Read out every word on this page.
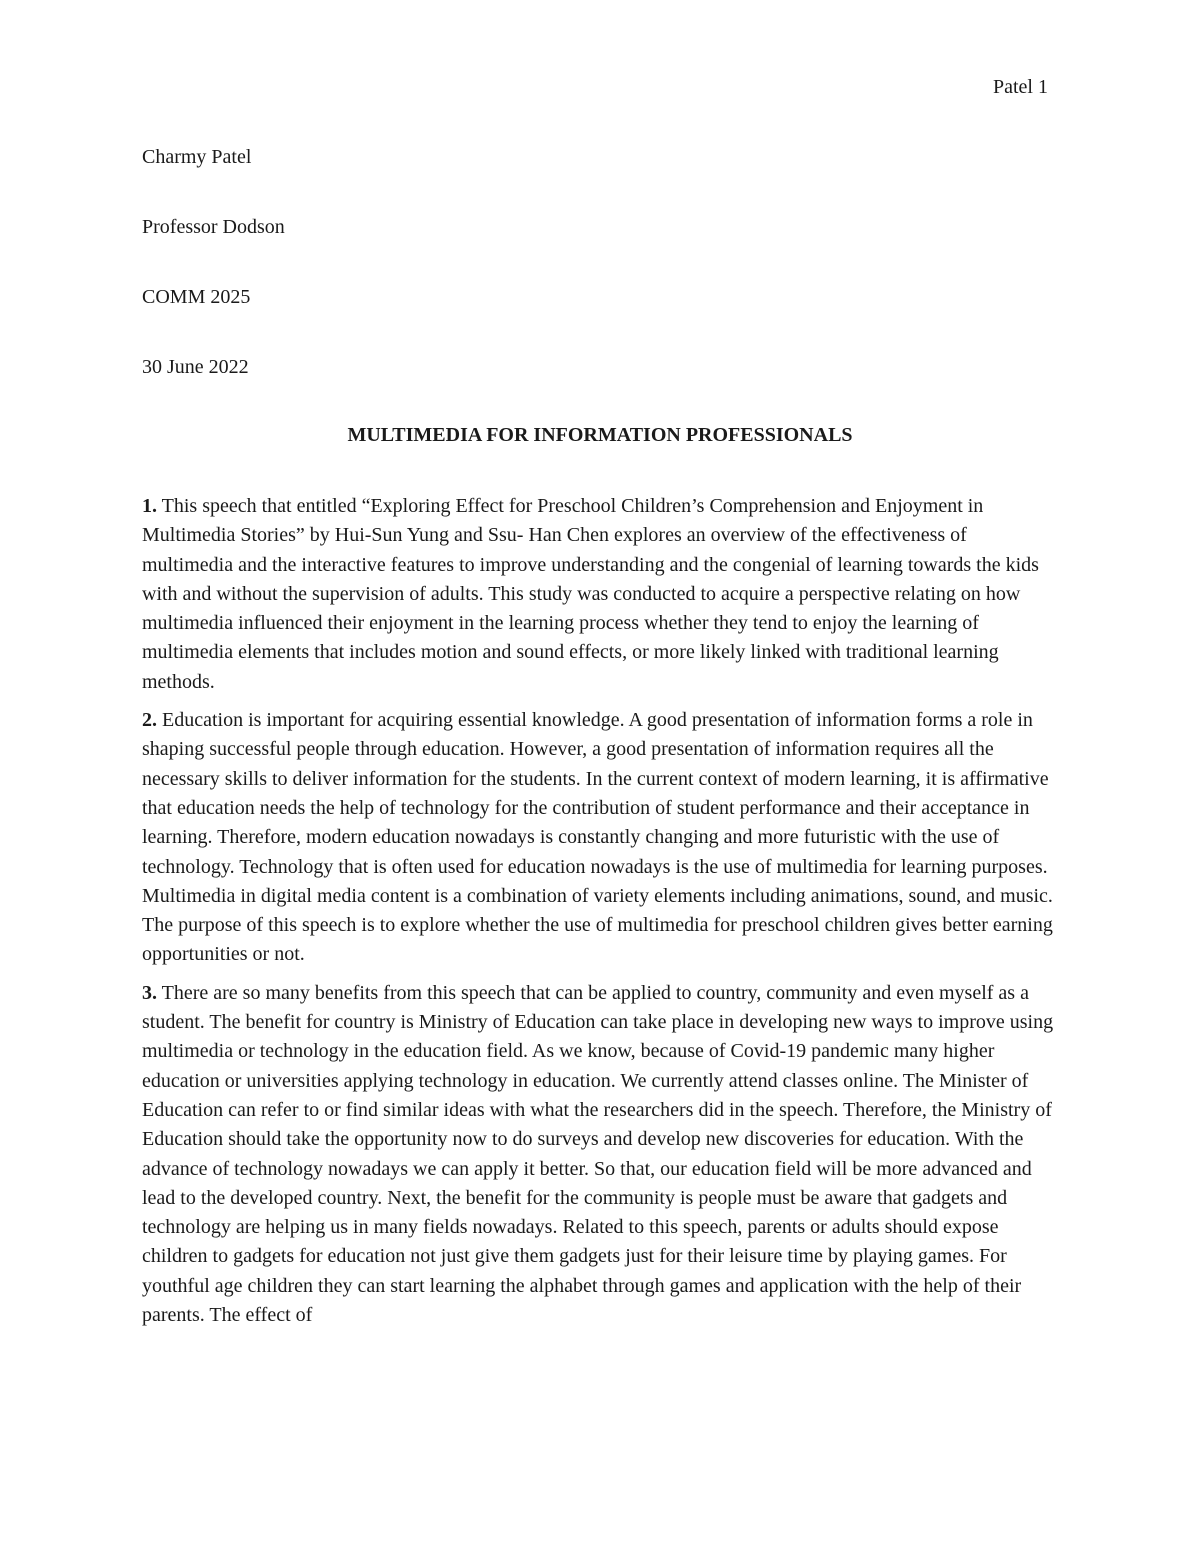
Patel 1
Charmy Patel
Professor Dodson
COMM 2025
30 June 2022
MULTIMEDIA FOR INFORMATION PROFESSIONALS

1. This speech that entitled “Exploring Effect for Preschool Children’s Comprehension and Enjoyment in Multimedia Stories” by Hui-Sun Yung and Ssu- Han Chen explores an overview of the effectiveness of multimedia and the interactive features to improve understanding and the congenial of learning towards the kids with and without the supervision of adults. This study was conducted to acquire a perspective relating on how multimedia influenced their enjoyment in the learning process whether they tend to enjoy the learning of multimedia elements that includes motion and sound effects, or more likely linked with traditional learning methods.

2. Education is important for acquiring essential knowledge. A good presentation of information forms a role in shaping successful people through education. However, a good presentation of information requires all the necessary skills to deliver information for the students. In the current context of modern learning, it is affirmative that education needs the help of technology for the contribution of student performance and their acceptance in learning. Therefore, modern education nowadays is constantly changing and more futuristic with the use of technology. Technology that is often used for education nowadays is the use of multimedia for learning purposes. Multimedia in digital media content is a combination of variety elements including animations, sound, and music. The purpose of this speech is to explore whether the use of multimedia for preschool children gives better earning opportunities or not.

3. There are so many benefits from this speech that can be applied to country, community and even myself as a student. The benefit for country is Ministry of Education can take place in developing new ways to improve using multimedia or technology in the education field. As we know, because of Covid-19 pandemic many higher education or universities applying technology in education. We currently attend classes online. The Minister of Education can refer to or find similar ideas with what the researchers did in the speech. Therefore, the Ministry of Education should take the opportunity now to do surveys and develop new discoveries for education. With the advance of technology nowadays we can apply it better. So that, our education field will be more advanced and lead to the developed country. Next, the benefit for the community is people must be aware that gadgets and technology are helping us in many fields nowadays. Related to this speech, parents or adults should expose children to gadgets for education not just give them gadgets just for their leisure time by playing games. For youthful age children they can start learning the alphabet through games and application with the help of their parents. The effect of
